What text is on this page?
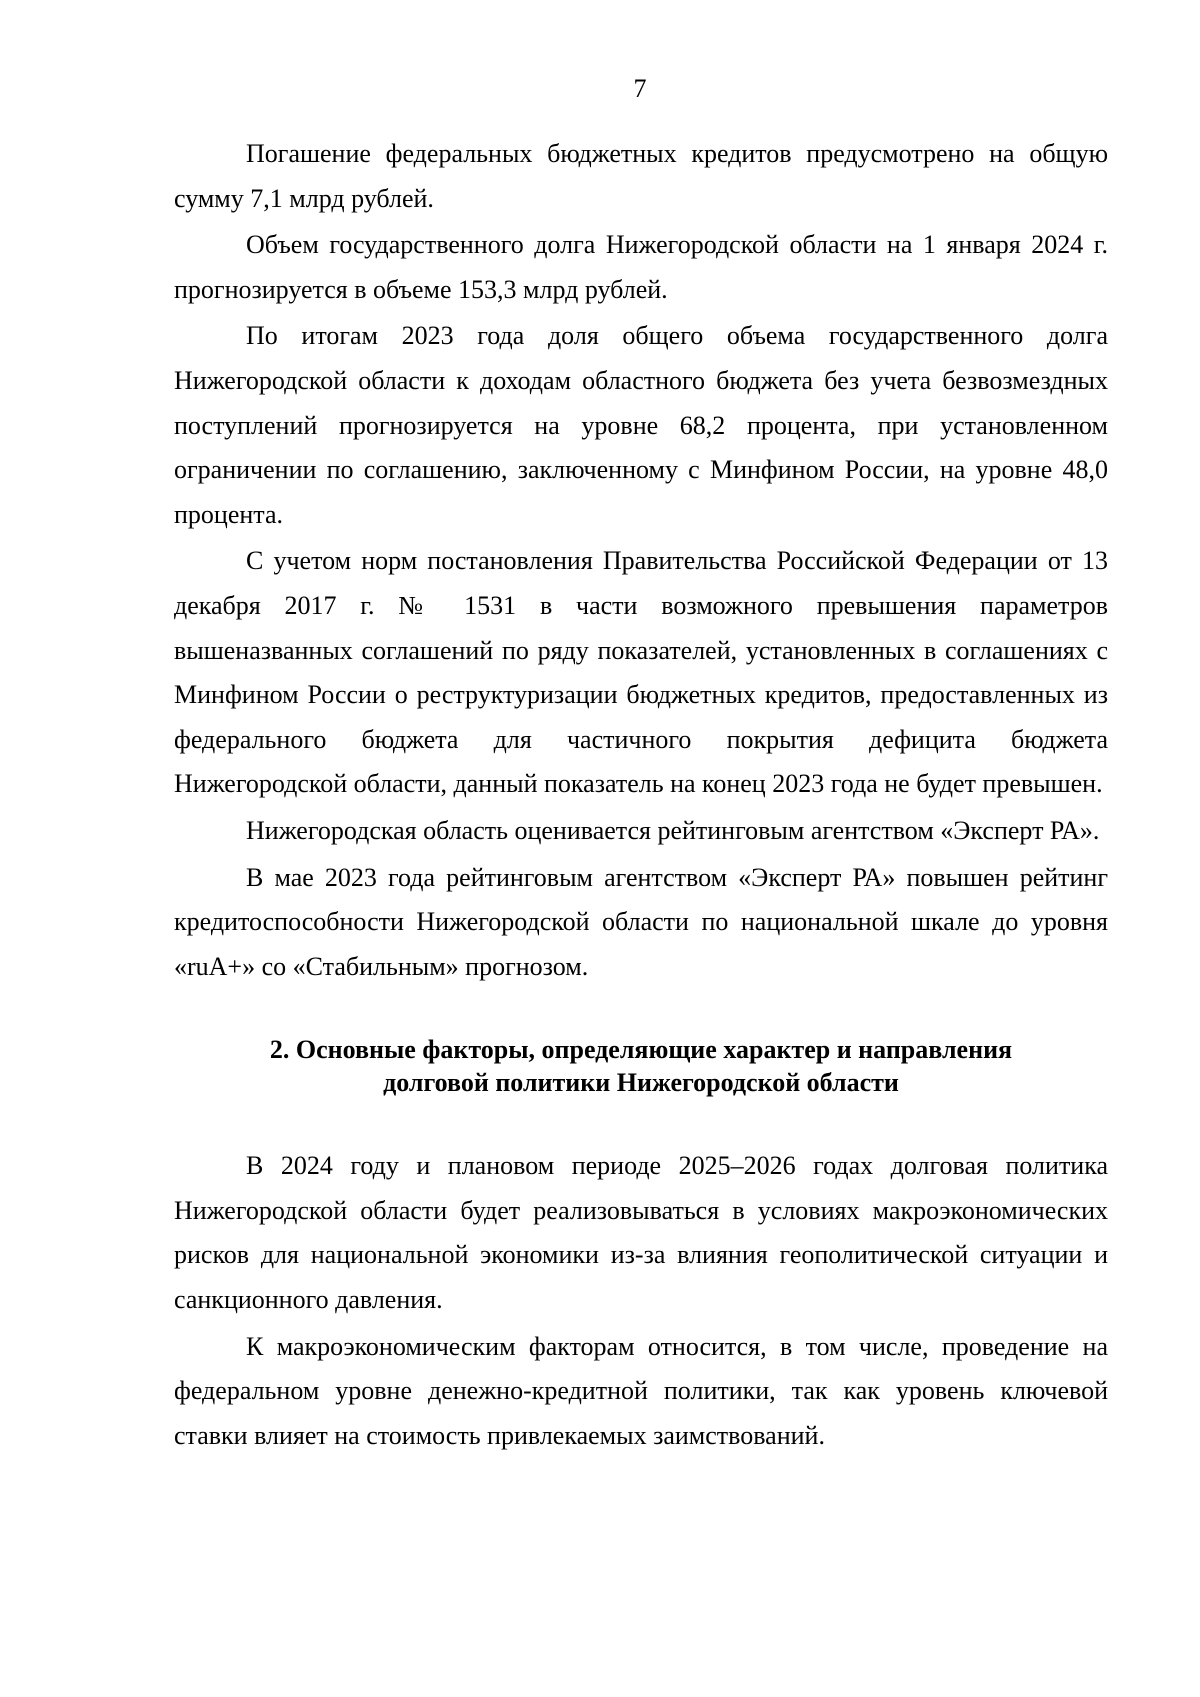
7

Погашение федеральных бюджетных кредитов предусмотрено на общую сумму 7,1 млрд рублей.

Объем государственного долга Нижегородской области на 1 января 2024 г. прогнозируется в объеме 153,3 млрд рублей.

По итогам 2023 года доля общего объема государственного долга Нижегородской области к доходам областного бюджета без учета безвозмездных поступлений прогнозируется на уровне 68,2 процента, при установленном ограничении по соглашению, заключенному с Минфином России, на уровне 48,0 процента.

С учетом норм постановления Правительства Российской Федерации от 13 декабря 2017 г. № 1531 в части возможного превышения параметров вышеназванных соглашений по ряду показателей, установленных в соглашениях с Минфином России о реструктуризации бюджетных кредитов, предоставленных из федерального бюджета для частичного покрытия дефицита бюджета Нижегородской области, данный показатель на конец 2023 года не будет превышен.

Нижегородская область оценивается рейтинговым агентством «Эксперт РА».

В мае 2023 года рейтинговым агентством «Эксперт РА» повышен рейтинг кредитоспособности Нижегородской области по национальной шкале до уровня «ruA+» со «Стабильным» прогнозом.

2. Основные факторы, определяющие характер и направления
долговой политики Нижегородской области

В 2024 году и плановом периоде 2025–2026 годах долговая политика Нижегородской области будет реализовываться в условиях макроэкономических рисков для национальной экономики из-за влияния геополитической ситуации и санкционного давления.

К макроэкономическим факторам относится, в том числе, проведение на федеральном уровне денежно-кредитной политики, так как уровень ключевой ставки влияет на стоимость привлекаемых заимствований.
